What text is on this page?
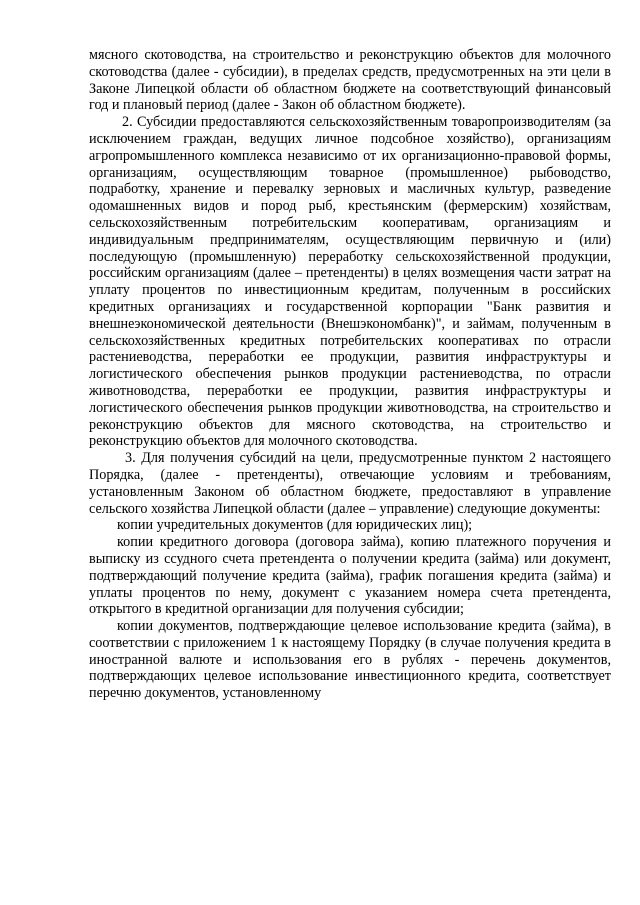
мясного скотоводства, на строительство и реконструкцию объектов для молочного скотоводства (далее - субсидии), в пределах средств, предусмотренных на эти цели в Законе Липецкой области об областном бюджете на соответствующий финансовый год и плановый период (далее - Закон об областном бюджете).

2. Субсидии предоставляются сельскохозяйственным товаропроизводителям (за исключением граждан, ведущих личное подсобное хозяйство), организациям агропромышленного комплекса независимо от их организационно-правовой формы, организациям, осуществляющим товарное (промышленное) рыбоводство, подработку, хранение и перевалку зерновых и масличных культур, разведение одомашненных видов и пород рыб, крестьянским (фермерским) хозяйствам, сельскохозяйственным потребительским кооперативам, организациям и индивидуальным предпринимателям, осуществляющим первичную и (или) последующую (промышленную) переработку сельскохозяйственной продукции, российским организациям (далее – претенденты) в целях возмещения части затрат на уплату процентов по инвестиционным кредитам, полученным в российских кредитных организациях и государственной корпорации "Банк развития и внешнеэкономической деятельности (Внешэкономбанк)", и займам, полученным в сельскохозяйственных кредитных потребительских кооперативах по отрасли растениеводства, переработки ее продукции, развития инфраструктуры и логистического обеспечения рынков продукции растениеводства, по отрасли животноводства, переработки ее продукции, развития инфраструктуры и логистического обеспечения рынков продукции животноводства, на строительство и реконструкцию объектов для мясного скотоводства, на строительство и реконструкцию объектов для молочного скотоводства.

3. Для получения субсидий на цели, предусмотренные пунктом 2 настоящего Порядка, (далее - претенденты), отвечающие условиям и требованиям, установленным Законом об областном бюджете, предоставляют в управление сельского хозяйства Липецкой области (далее – управление) следующие документы:

копии учредительных документов (для юридических лиц);

копии кредитного договора (договора займа), копию платежного поручения и выписку из ссудного счета претендента о получении кредита (займа) или документ, подтверждающий получение кредита (займа), график погашения кредита (займа) и уплаты процентов по нему, документ с указанием номера счета претендента, открытого в кредитной организации для получения субсидии;

копии документов, подтверждающие целевое использование кредита (займа), в соответствии с приложением 1 к настоящему Порядку (в случае получения кредита в иностранной валюте и использования его в рублях - перечень документов, подтверждающих целевое использование инвестиционного кредита, соответствует перечню документов, установленному
